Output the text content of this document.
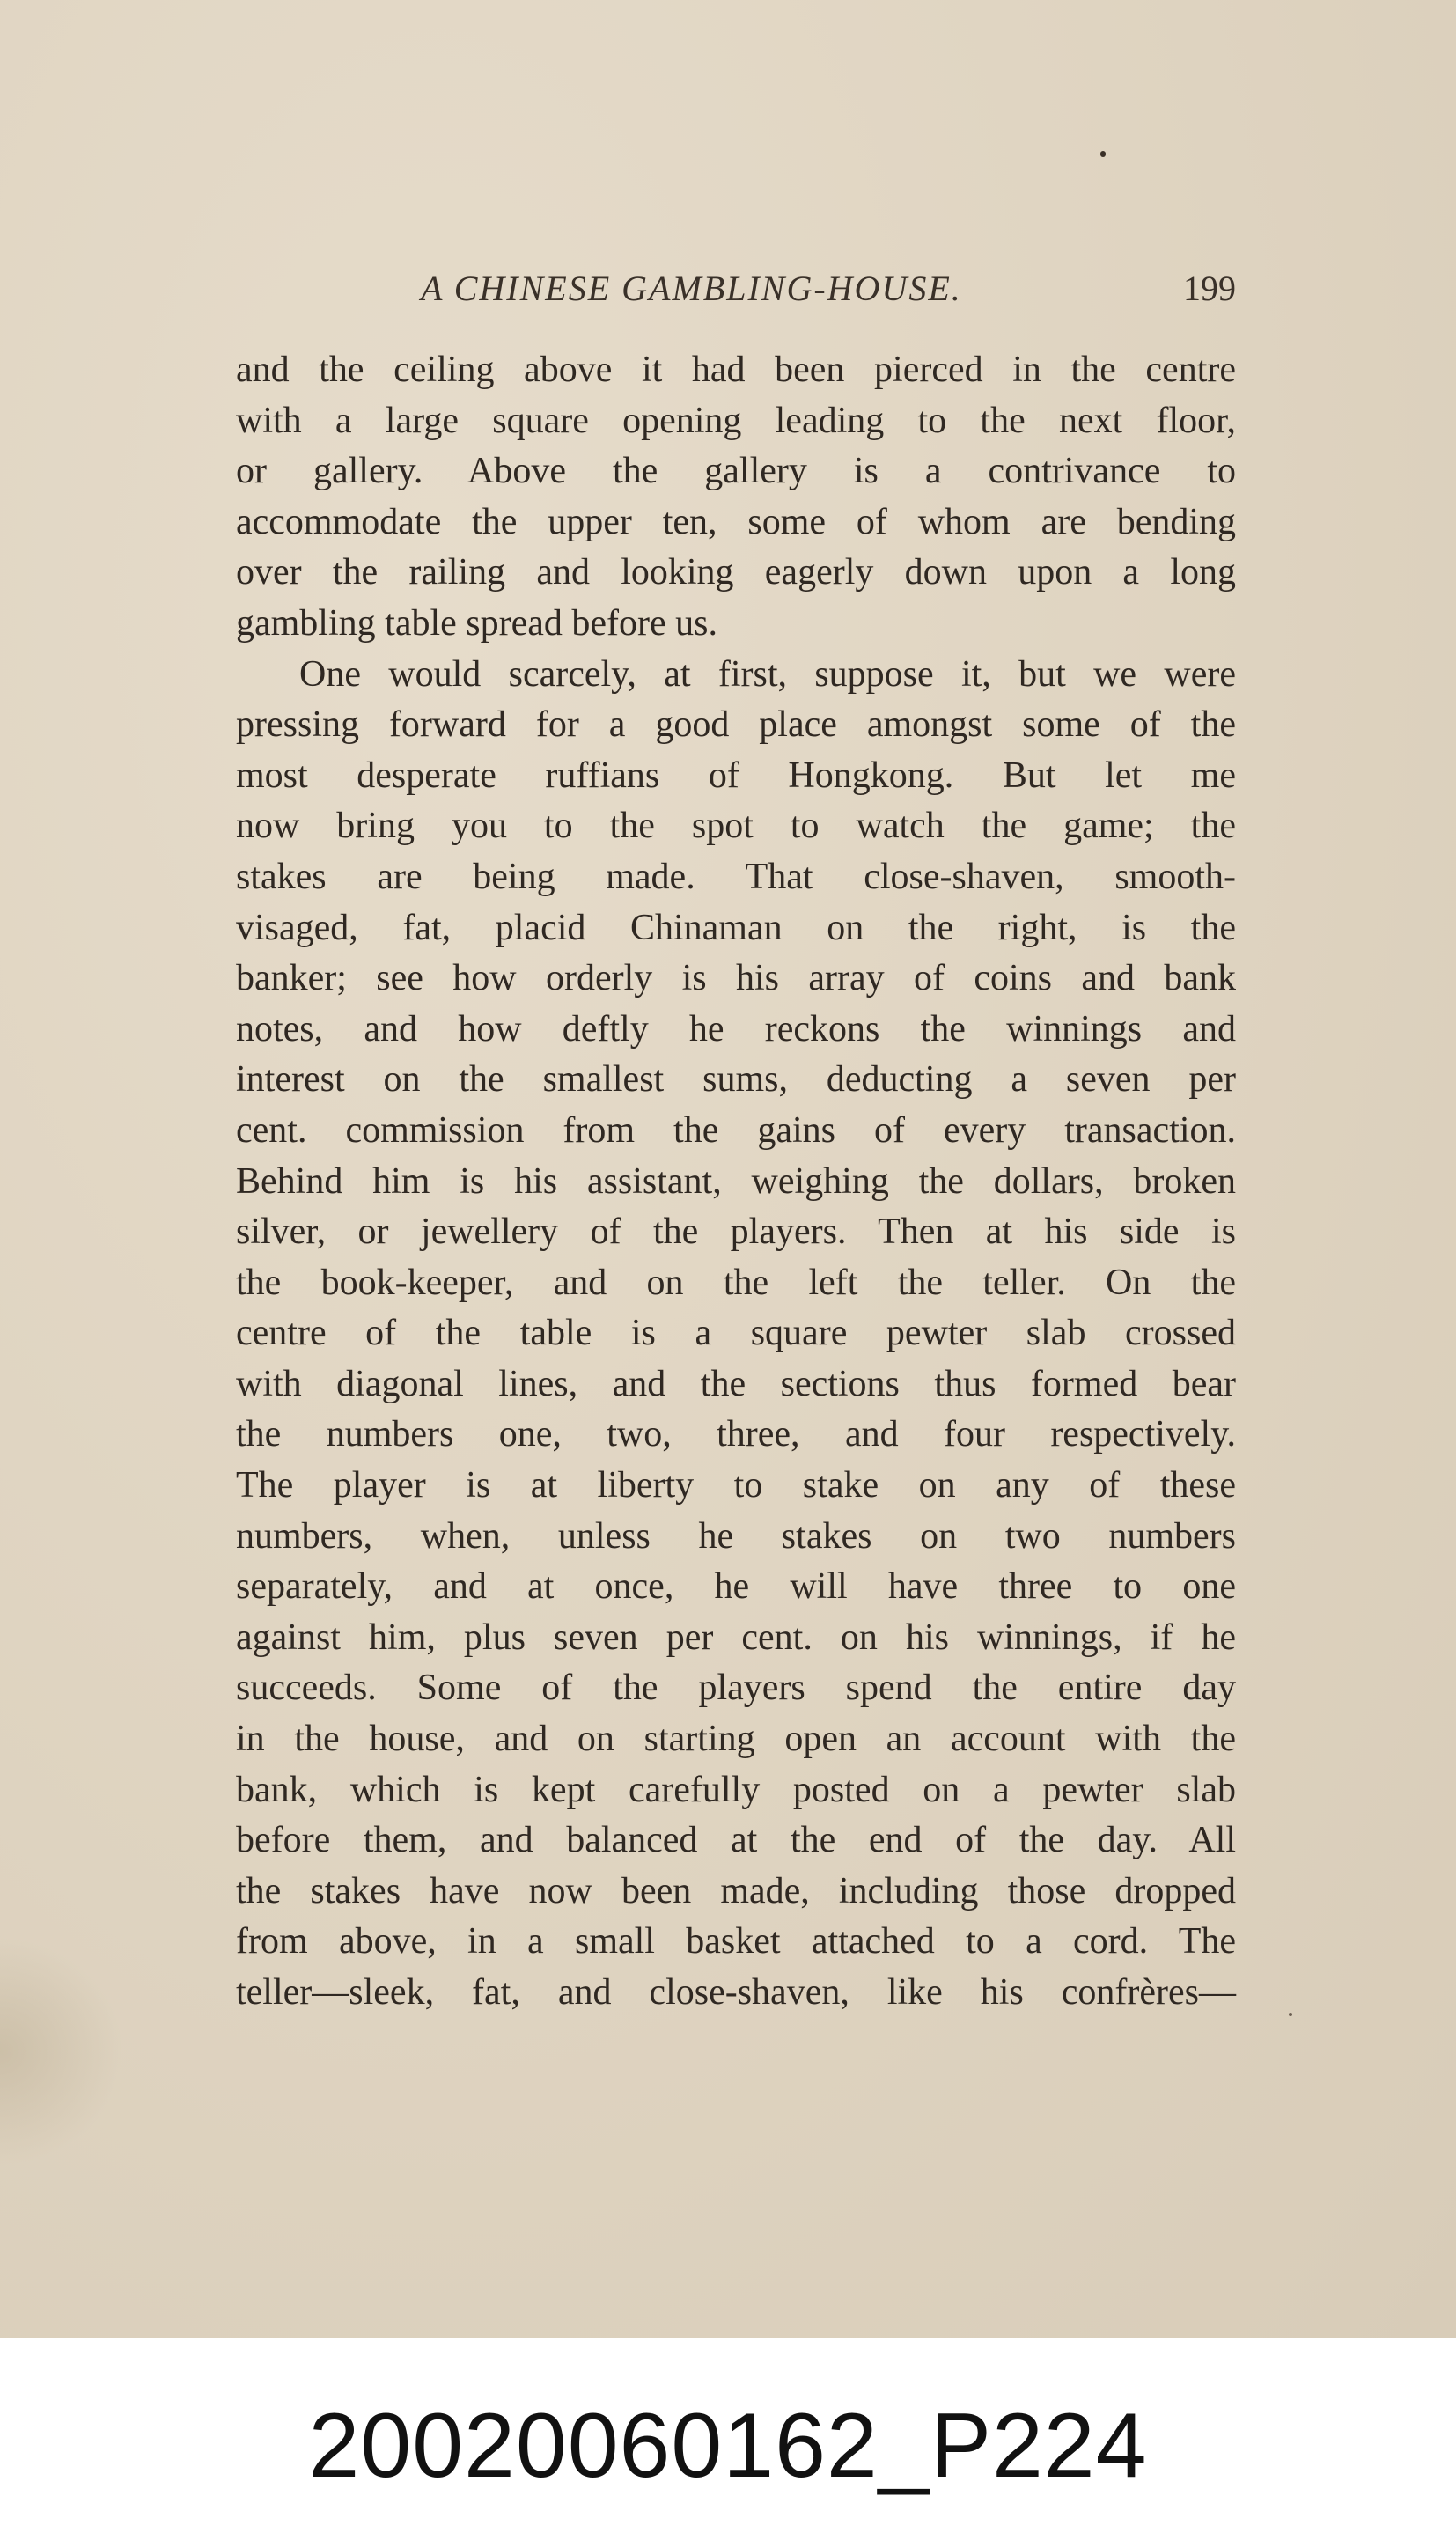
A CHINESE GAMBLING-HOUSE.	199
and the ceiling above it had been pierced in the centre
with a large square opening leading to the next floor,
or gallery. Above the gallery is a contrivance to
accommodate the upper ten, some of whom are bending
over the railing and looking eagerly down upon a long
gambling table spread before us.
One would scarcely, at first, suppose it, but we were
pressing forward for a good place amongst some of the
most desperate ruffians of Hongkong. But let me
now bring you to the spot to watch the game; the
stakes are being made. That close-shaven, smooth-
visaged, fat, placid Chinaman on the right, is the
banker; see how orderly is his array of coins and bank
notes, and how deftly he reckons the winnings and
interest on the smallest sums, deducting a seven per
cent. commission from the gains of every transaction.
Behind him is his assistant, weighing the dollars, broken
silver, or jewellery of the players. Then at his side is
the book-keeper, and on the left the teller. On the
centre of the table is a square pewter slab crossed
with diagonal lines, and the sections thus formed bear
the numbers one, two, three, and four respectively.
The player is at liberty to stake on any of these
numbers, when, unless he stakes on two numbers
separately, and at once, he will have three to one
against him, plus seven per cent. on his winnings, if he
succeeds. Some of the players spend the entire day
in the house, and on starting open an account with the
bank, which is kept carefully posted on a pewter slab
before them, and balanced at the end of the day. All
the stakes have now been made, including those dropped
from above, in a small basket attached to a cord. The
teller—sleek, fat, and close-shaven, like his confrères—
20020060162_P224
